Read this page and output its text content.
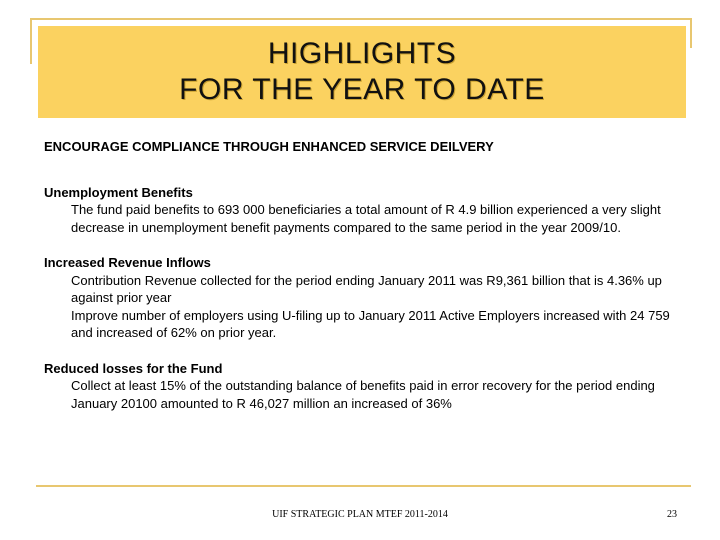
HIGHLIGHTS
FOR THE YEAR TO DATE

ENCOURAGE COMPLIANCE THROUGH ENHANCED SERVICE DEILVERY

Unemployment Benefits

The fund paid benefits to 693 000 beneficiaries a total amount of R 4.9 billion experienced a very slight decrease in unemployment benefit payments compared to the same period in the year 2009/10.

Increased Revenue Inflows

Contribution Revenue collected for the period ending January 2011 was R9,361 billion that is 4.36% up against prior year

Improve number of employers using U-filing up to January 2011 Active Employers increased with 24 759 and increased of 62% on prior year.

Reduced losses for the Fund

Collect at least 15% of the outstanding balance of benefits paid in error recovery for the period ending January 20100 amounted to R 46,027 million an increased of 36%

UIF STRATEGIC PLAN MTEF 2011-2014	23
